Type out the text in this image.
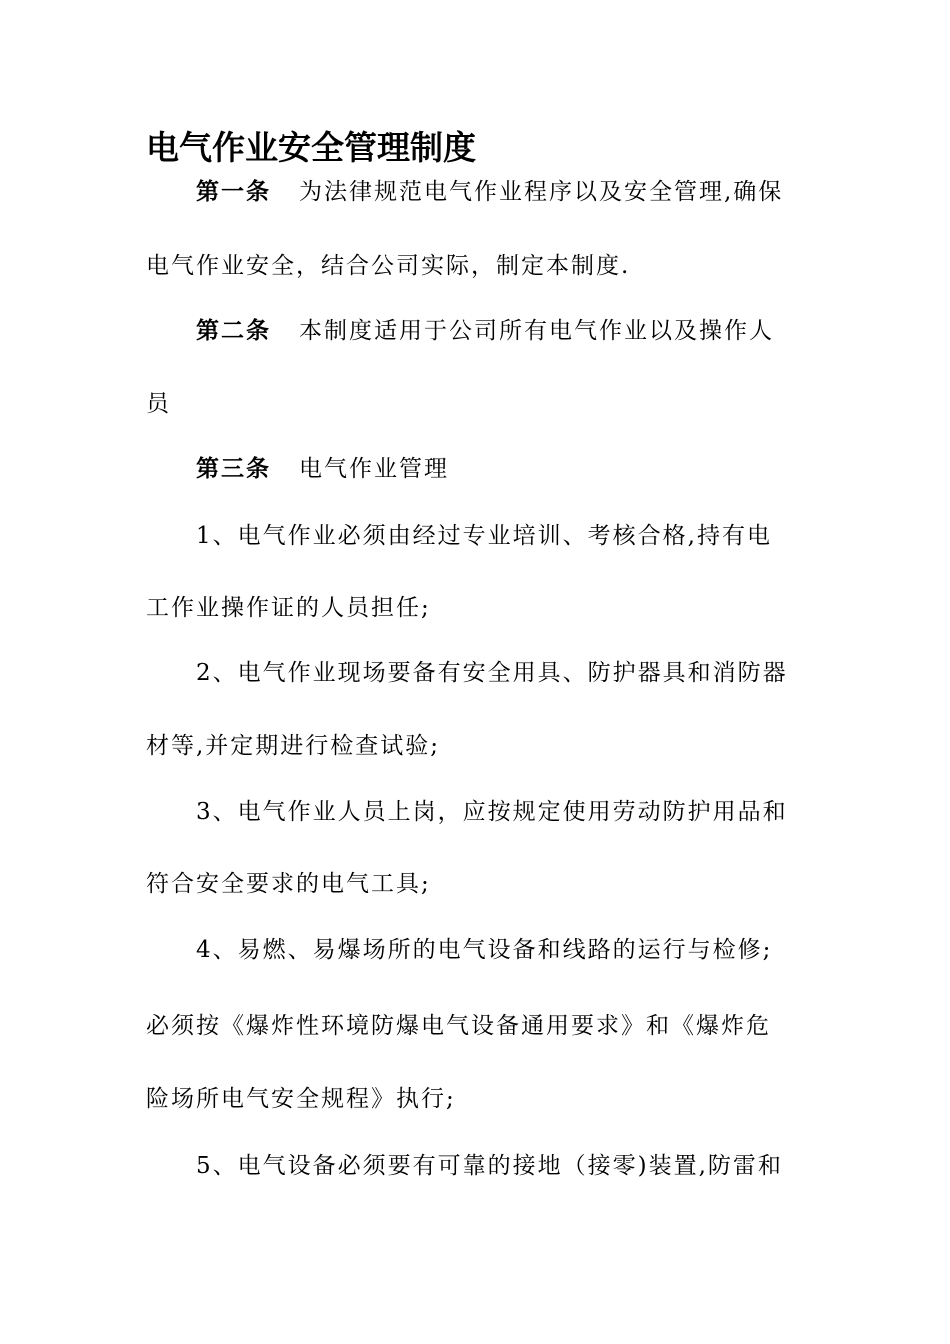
电气作业安全管理制度

第一条 为法律规范电气作业程序以及安全管理,确保

电气作业安全，结合公司实际，制定本制度.

第二条 本制度适用于公司所有电气作业以及操作人

员

第三条 电气作业管理

1、电气作业必须由经过专业培训、考核合格,持有电

工作业操作证的人员担任;

2、电气作业现场要备有安全用具、防护器具和消防器

材等,并定期进行检查试验;

3、电气作业人员上岗，应按规定使用劳动防护用品和

符合安全要求的电气工具;

4、易燃、易爆场所的电气设备和线路的运行与检修;

必须按《爆炸性环境防爆电气设备通用要求》和《爆炸危

险场所电气安全规程》执行;

5、电气设备必须要有可靠的接地（接零)装置,防雷和
